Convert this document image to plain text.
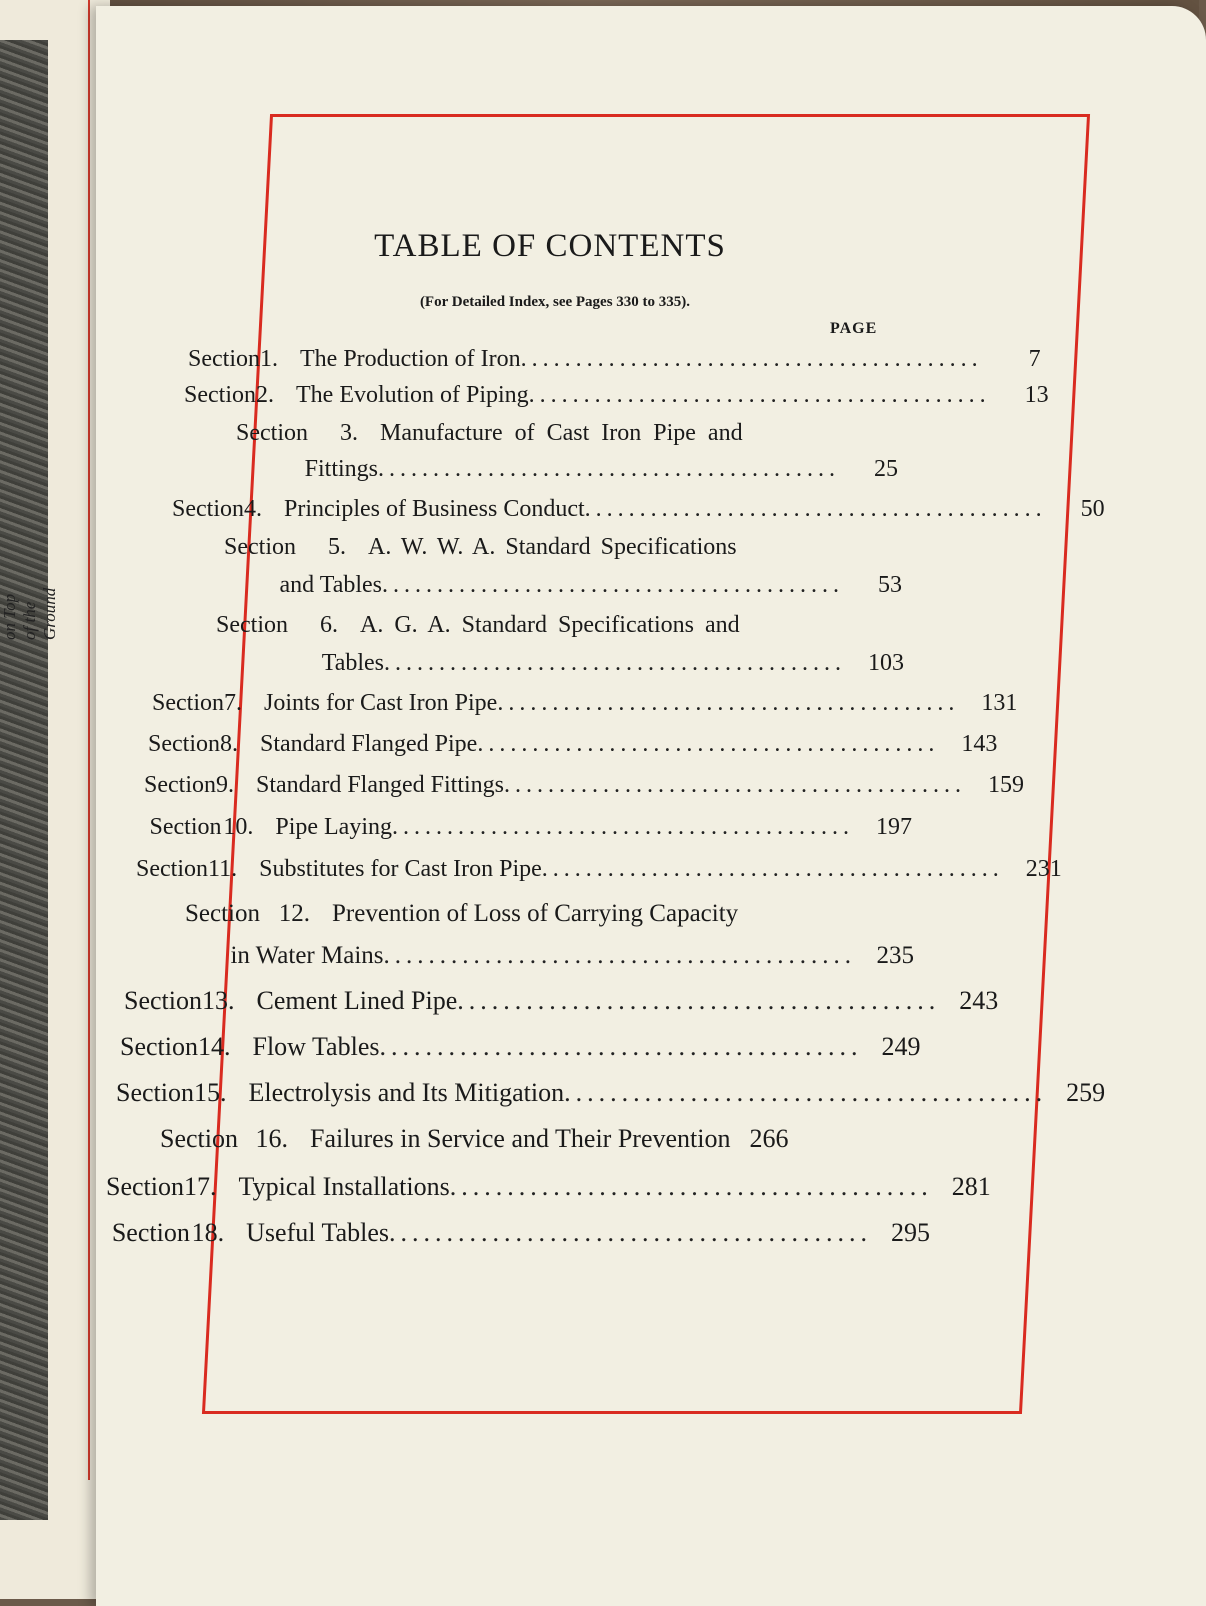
on Top of the Ground
TABLE OF CONTENTS
(For Detailed Index, see Pages 330 to 335).
PAGE
Section 1. The Production of Iron ..........................................	7
Section 2. The Evolution of Piping ..........................................	13
Section	3. Manufacture of Cast Iron Pipe and
Fittings ..........................................	25
Section 4. Principles of Business Conduct ..........................................	50
Section	5. A. W. W. A. Standard Specifications
and Tables ..........................................	53
Section	6. A. G. A. Standard Specifications and
Tables .......................................... 103
Section 7. Joints for Cast Iron Pipe .......................................... 131
Section 8. Standard Flanged Pipe .......................................... 143
Section 9. Standard Flanged Fittings .......................................... 159
Section 10. Pipe Laying .......................................... 197
Section 11. Substitutes for Cast Iron Pipe .......................................... 231
Section 12. Prevention of Loss of Carrying Capacity
in Water Mains .......................................... 235
Section 13. Cement Lined Pipe .......................................... 243
Section 14. Flow Tables .......................................... 249
Section 15. Electrolysis and Its Mitigation .......................................... 259
Section 16. Failures in Service and Their Prevention 266
Section 17. Typical Installations .......................................... 281
Section 18. Useful Tables .......................................... 295
